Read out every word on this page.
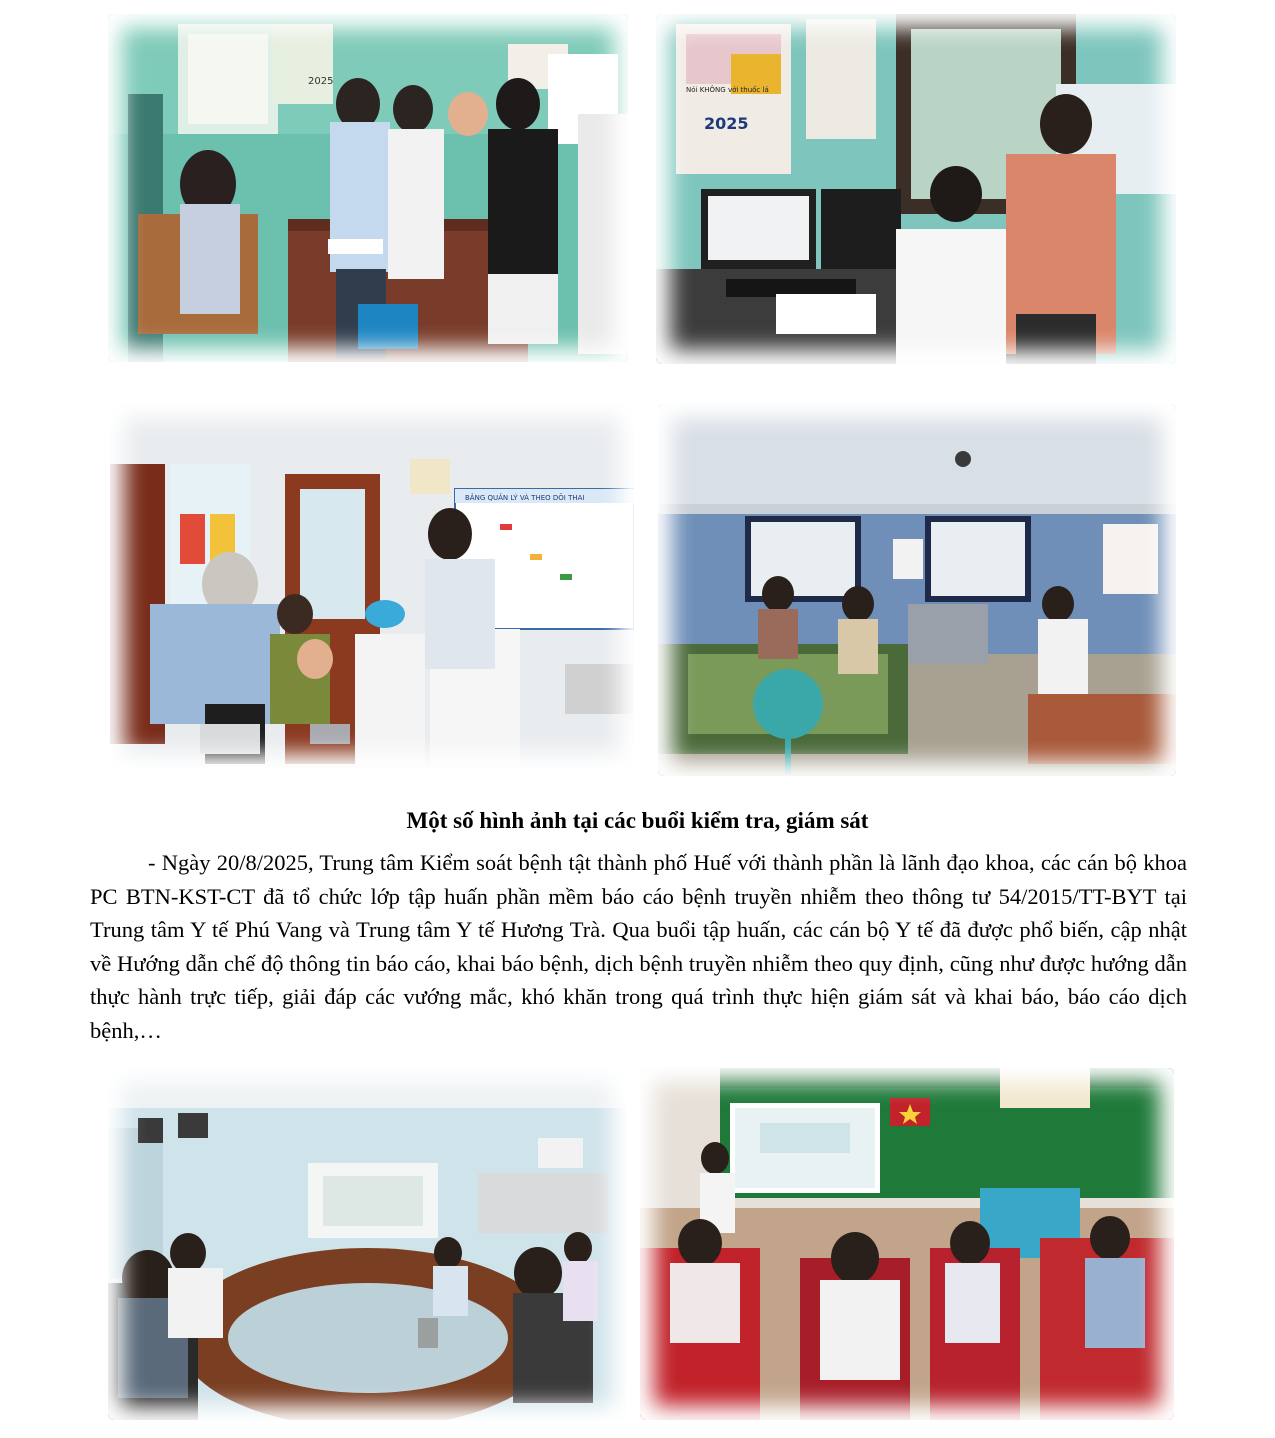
2025
2025
Nói KHÔNG với thuốc lá
BẢNG QUẢN LÝ VÀ THEO DÕI THAI
Một số hình ảnh tại các buổi kiểm tra, giám sát

- Ngày 20/8/2025, Trung tâm Kiểm soát bệnh tật thành phố Huế với thành phần là lãnh đạo khoa, các cán bộ khoa PC BTN-KST-CT đã tổ chức lớp tập huấn phần mềm báo cáo bệnh truyền nhiễm theo thông tư 54/2015/TT-BYT tại Trung tâm Y tế Phú Vang và Trung tâm Y tế Hương Trà. Qua buổi tập huấn, các cán bộ Y tế đã được phổ biến, cập nhật về Hướng dẫn chế độ thông tin báo cáo, khai báo bệnh, dịch bệnh truyền nhiễm theo quy định, cũng như được hướng dẫn thực hành trực tiếp, giải đáp các vướng mắc, khó khăn trong quá trình thực hiện giám sát và khai báo, báo cáo dịch bệnh,…
